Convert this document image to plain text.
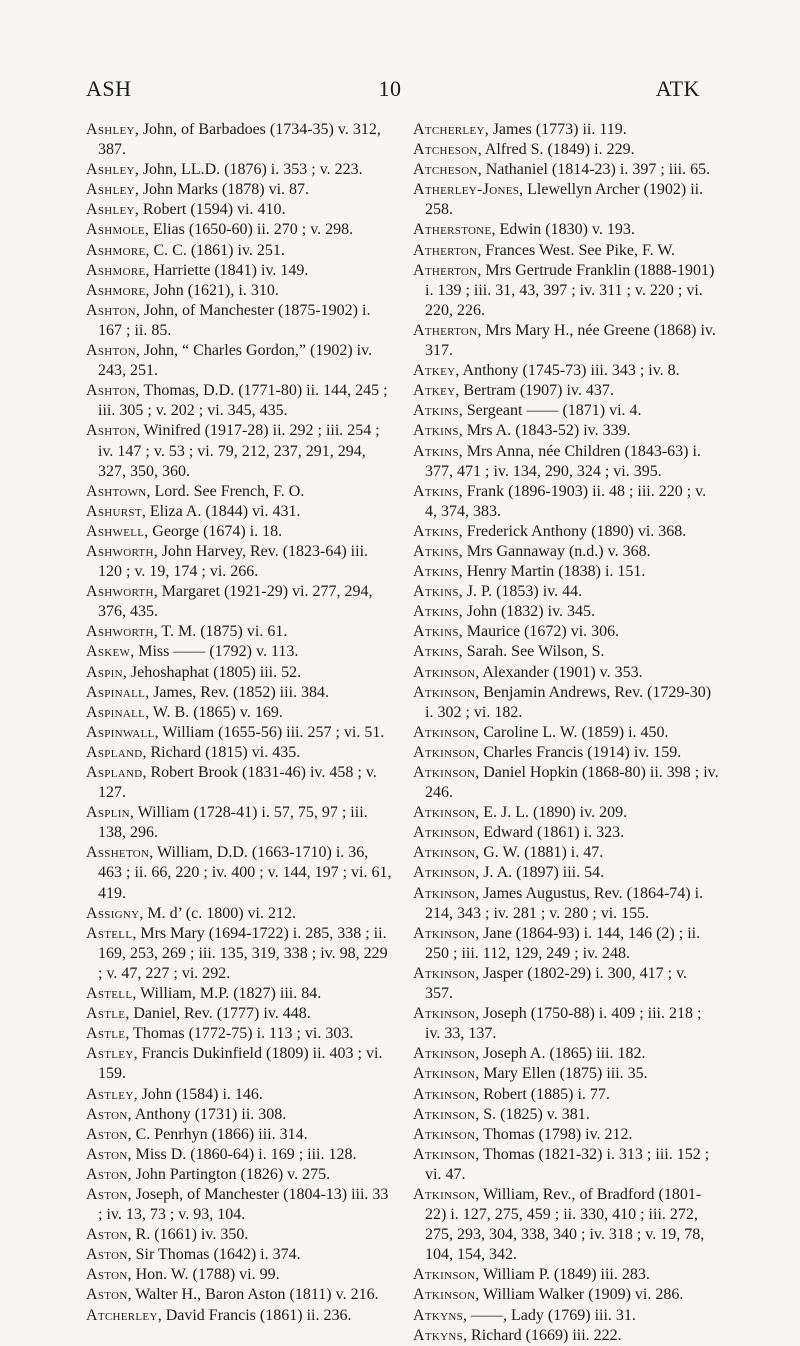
ASH	10	ATK
Ashley, John, of Barbadoes (1734-35) v. 312, 387.
Ashley, John, LL.D. (1876) i. 353 ; v. 223.
Ashley, John Marks (1878) vi. 87.
Ashley, Robert (1594) vi. 410.
Ashmole, Elias (1650-60) ii. 270 ; v. 298.
Ashmore, C. C. (1861) iv. 251.
Ashmore, Harriette (1841) iv. 149.
Ashmore, John (1621), i. 310.
Ashton, John, of Manchester (1875-1902) i. 167 ; ii. 85.
Ashton, John, “ Charles Gordon,” (1902) iv. 243, 251.
Ashton, Thomas, D.D. (1771-80) ii. 144, 245 ; iii. 305 ; v. 202 ; vi. 345, 435.
Ashton, Winifred (1917-28) ii. 292 ; iii. 254 ; iv. 147 ; v. 53 ; vi. 79, 212, 237, 291, 294, 327, 350, 360.
Ashtown, Lord. See French, F. O.
Ashurst, Eliza A. (1844) vi. 431.
Ashwell, George (1674) i. 18.
Ashworth, John Harvey, Rev. (1823-64) iii. 120 ; v. 19, 174 ; vi. 266.
Ashworth, Margaret (1921-29) vi. 277, 294, 376, 435.
Ashworth, T. M. (1875) vi. 61.
Askew, Miss —— (1792) v. 113.
Aspin, Jehoshaphat (1805) iii. 52.
Aspinall, James, Rev. (1852) iii. 384.
Aspinall, W. B. (1865) v. 169.
Aspinwall, William (1655-56) iii. 257 ; vi. 51.
Aspland, Richard (1815) vi. 435.
Aspland, Robert Brook (1831-46) iv. 458 ; v. 127.
Asplin, William (1728-41) i. 57, 75, 97 ; iii. 138, 296.
Assheton, William, D.D. (1663-1710) i. 36, 463 ; ii. 66, 220 ; iv. 400 ; v. 144, 197 ; vi. 61, 419.
Assigny, M. d’ (c. 1800) vi. 212.
Astell, Mrs Mary (1694-1722) i. 285, 338 ; ii. 169, 253, 269 ; iii. 135, 319, 338 ; iv. 98, 229 ; v. 47, 227 ; vi. 292.
Astell, William, M.P. (1827) iii. 84.
Astle, Daniel, Rev. (1777) iv. 448.
Astle, Thomas (1772-75) i. 113 ; vi. 303.
Astley, Francis Dukinfield (1809) ii. 403 ; vi. 159.
Astley, John (1584) i. 146.
Aston, Anthony (1731) ii. 308.
Aston, C. Penrhyn (1866) iii. 314.
Aston, Miss D. (1860-64) i. 169 ; iii. 128.
Aston, John Partington (1826) v. 275.
Aston, Joseph, of Manchester (1804-13) iii. 33 ; iv. 13, 73 ; v. 93, 104.
Aston, R. (1661) iv. 350.
Aston, Sir Thomas (1642) i. 374.
Aston, Hon. W. (1788) vi. 99.
Aston, Walter H., Baron Aston (1811) v. 216.
Atcherley, David Francis (1861) ii. 236.
Atcherley, James (1773) ii. 119.
Atcheson, Alfred S. (1849) i. 229.
Atcheson, Nathaniel (1814-23) i. 397 ; iii. 65.
Atherley-Jones, Llewellyn Archer (1902) ii. 258.
Atherstone, Edwin (1830) v. 193.
Atherton, Frances West. See Pike, F. W.
Atherton, Mrs Gertrude Franklin (1888-1901) i. 139 ; iii. 31, 43, 397 ; iv. 311 ; v. 220 ; vi. 220, 226.
Atherton, Mrs Mary H., née Greene (1868) iv. 317.
Atkey, Anthony (1745-73) iii. 343 ; iv. 8.
Atkey, Bertram (1907) iv. 437.
Atkins, Sergeant —— (1871) vi. 4.
Atkins, Mrs A. (1843-52) iv. 339.
Atkins, Mrs Anna, née Children (1843-63) i. 377, 471 ; iv. 134, 290, 324 ; vi. 395.
Atkins, Frank (1896-1903) ii. 48 ; iii. 220 ; v. 4, 374, 383.
Atkins, Frederick Anthony (1890) vi. 368.
Atkins, Mrs Gannaway (n.d.) v. 368.
Atkins, Henry Martin (1838) i. 151.
Atkins, J. P. (1853) iv. 44.
Atkins, John (1832) iv. 345.
Atkins, Maurice (1672) vi. 306.
Atkins, Sarah. See Wilson, S.
Atkinson, Alexander (1901) v. 353.
Atkinson, Benjamin Andrews, Rev. (1729-30) i. 302 ; vi. 182.
Atkinson, Caroline L. W. (1859) i. 450.
Atkinson, Charles Francis (1914) iv. 159.
Atkinson, Daniel Hopkin (1868-80) ii. 398 ; iv. 246.
Atkinson, E. J. L. (1890) iv. 209.
Atkinson, Edward (1861) i. 323.
Atkinson, G. W. (1881) i. 47.
Atkinson, J. A. (1897) iii. 54.
Atkinson, James Augustus, Rev. (1864-74) i. 214, 343 ; iv. 281 ; v. 280 ; vi. 155.
Atkinson, Jane (1864-93) i. 144, 146 (2) ; ii. 250 ; iii. 112, 129, 249 ; iv. 248.
Atkinson, Jasper (1802-29) i. 300, 417 ; v. 357.
Atkinson, Joseph (1750-88) i. 409 ; iii. 218 ; iv. 33, 137.
Atkinson, Joseph A. (1865) iii. 182.
Atkinson, Mary Ellen (1875) iii. 35.
Atkinson, Robert (1885) i. 77.
Atkinson, S. (1825) v. 381.
Atkinson, Thomas (1798) iv. 212.
Atkinson, Thomas (1821-32) i. 313 ; iii. 152 ; vi. 47.
Atkinson, William, Rev., of Bradford (1801-22) i. 127, 275, 459 ; ii. 330, 410 ; iii. 272, 275, 293, 304, 338, 340 ; iv. 318 ; v. 19, 78, 104, 154, 342.
Atkinson, William P. (1849) iii. 283.
Atkinson, William Walker (1909) vi. 286.
Atkyns, ——, Lady (1769) iii. 31.
Atkyns, Richard (1669) iii. 222.
